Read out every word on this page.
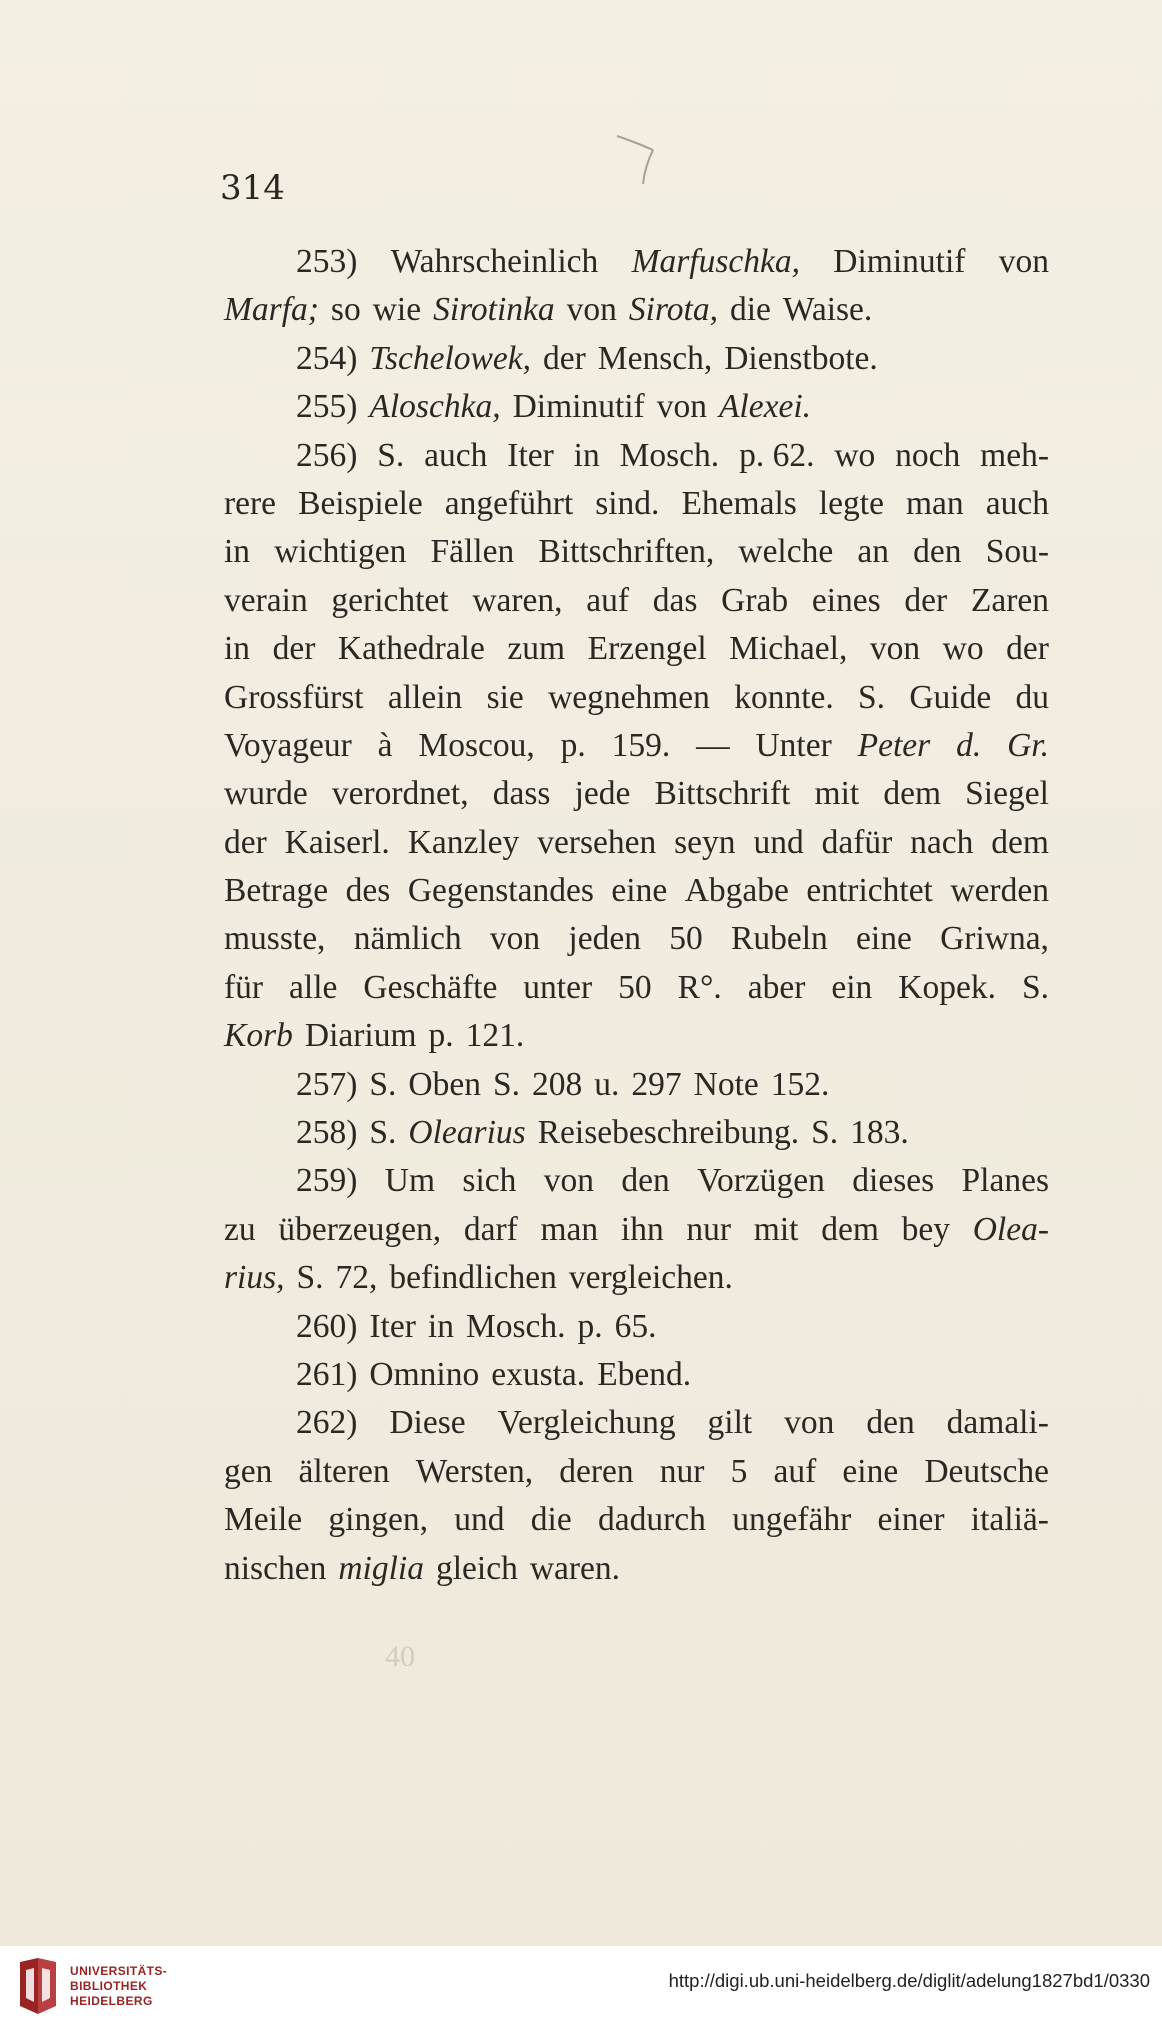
314
253) Wahrscheinlich Marfuschka, Diminutif von
Marfa; so wie Sirotinka von Sirota, die Waise.
254) Tschelowek, der Mensch, Dienstbote.
255) Aloschka, Diminutif von Alexei.
256) S. auch Iter in Mosch. p. 62. wo noch meh-
rere Beispiele angeführt sind. Ehemals legte man auch
in wichtigen Fällen Bittschriften, welche an den Sou-
verain gerichtet waren, auf das Grab eines der Zaren
in der Kathedrale zum Erzengel Michael, von wo der
Grossfürst allein sie wegnehmen konnte. S. Guide du
Voyageur à Moscou, p. 159. — Unter Peter d. Gr.
wurde verordnet, dass jede Bittschrift mit dem Siegel
der Kaiserl. Kanzley versehen seyn und dafür nach dem
Betrage des Gegenstandes eine Abgabe entrichtet werden
musste, nämlich von jeden 50 Rubeln eine Griwna,
für alle Geschäfte unter 50 R°. aber ein Kopek. S.
Korb Diarium p. 121.
257) S. Oben S. 208 u. 297 Note 152.
258) S. Olearius Reisebeschreibung. S. 183.
259) Um sich von den Vorzügen dieses Planes
zu überzeugen, darf man ihn nur mit dem bey Olea-
rius, S. 72, befindlichen vergleichen.
260) Iter in Mosch. p. 65.
261) Omnino exusta. Ebend.
262) Diese Vergleichung gilt von den damali-
gen älteren Wersten, deren nur 5 auf eine Deutsche
Meile gingen, und die dadurch ungefähr einer italiä-
nischen miglia gleich waren.
40
UNIVERSITÄTS-
BIBLIOTHEK
HEIDELBERG
http://digi.ub.uni-heidelberg.de/diglit/adelung1827bd1/0330
